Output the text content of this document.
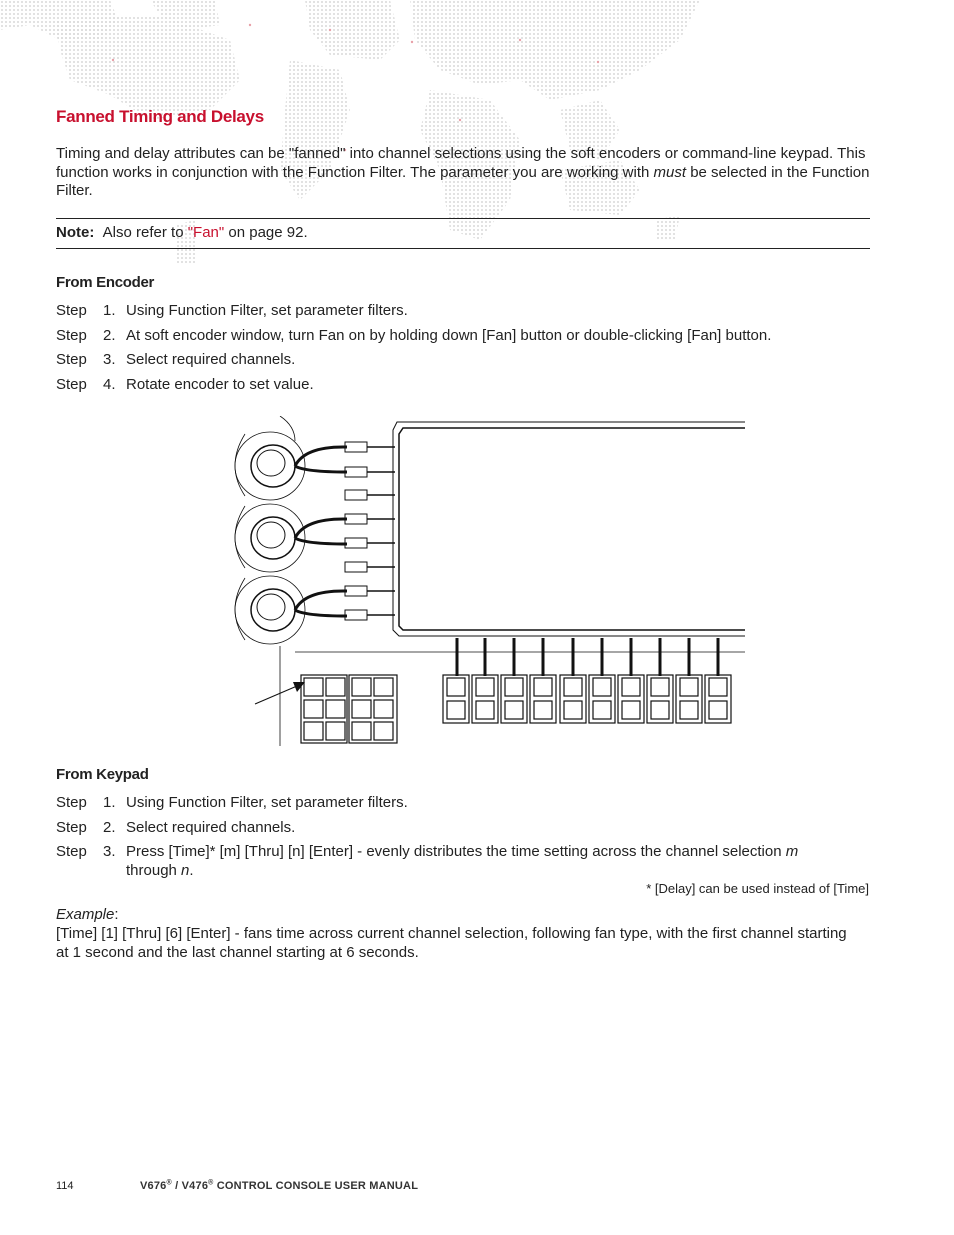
Fanned Timing and Delays
Timing and delay attributes can be "fanned" into channel selections using the soft encoders or command-line keypad. This function works in conjunction with the Function Filter. The parameter you are working with must be selected in the Function Filter.
Note: Also refer to "Fan" on page 92.
From Encoder
Step	1. Using Function Filter, set parameter filters.
Step	2. At soft encoder window, turn Fan on by holding down [Fan] button or double-clicking [Fan] button.
Step	3. Select required channels.
Step	4. Rotate encoder to set value.
From Keypad
Step	1. Using Function Filter, set parameter filters.
Step	2. Select required channels.
Step	3. Press [Time]* [m] [Thru] [n] [Enter] - evenly distributes the time setting across the channel selection m through n.
* [Delay] can be used instead of [Time]
Example:
[Time] [1] [Thru] [6] [Enter] - fans time across current channel selection, following fan type, with the first channel starting at 1 second and the last channel starting at 6 seconds.
114	V676® / V476® CONTROL CONSOLE USER MANUAL
